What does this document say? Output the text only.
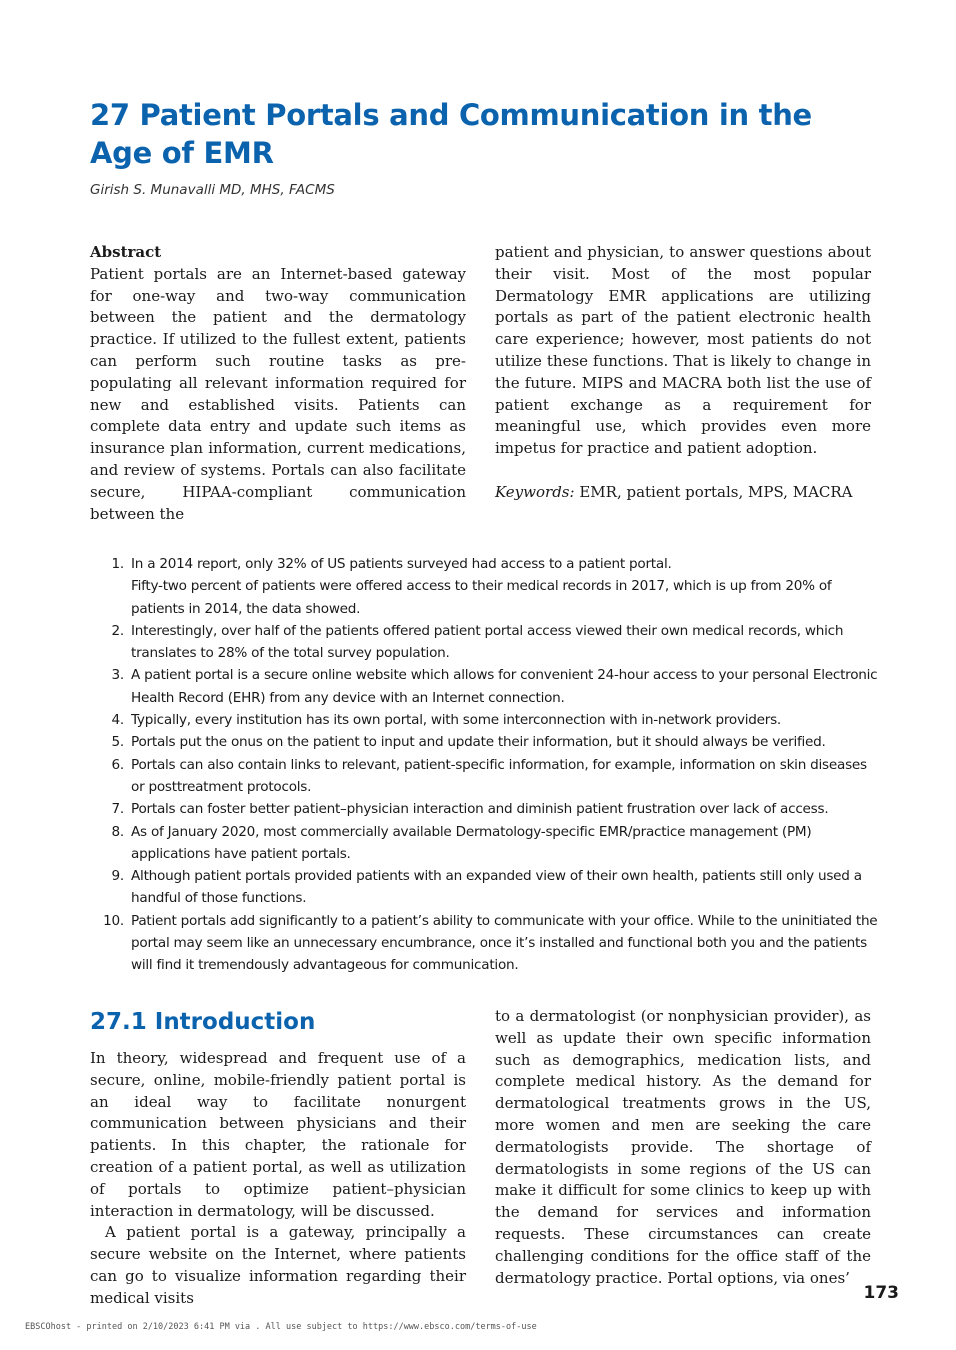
27 Patient Portals and Communication in the Age of EMR

Girish S. Munavalli MD, MHS, FACMS

Abstract

Patient portals are an Internet-based gateway for one-way and two-way communication between the patient and the dermatology practice. If utilized to the fullest extent, patients can perform such routine tasks as pre-populating all relevant information required for new and established visits. Patients can complete data entry and update such items as insurance plan information, current medications, and review of systems. Portals can also facilitate secure, HIPAA-compliant communication between the

patient and physician, to answer questions about their visit. Most of the most popular Dermatology EMR applications are utilizing portals as part of the patient electronic health care experience; however, most patients do not utilize these functions. That is likely to change in the future. MIPS and MACRA both list the use of patient exchange as a requirement for meaningful use, which provides even more impetus for practice and patient adoption.

Keywords: EMR, patient portals, MPS, MACRA

1. In a 2014 report, only 32% of US patients surveyed had access to a patient portal.
Fifty-two percent of patients were offered access to their medical records in 2017, which is up from 20% of patients in 2014, the data showed.
2. Interestingly, over half of the patients offered patient portal access viewed their own medical records, which translates to 28% of the total survey population.
3. A patient portal is a secure online website which allows for convenient 24-hour access to your personal Electronic Health Record (EHR) from any device with an Internet connection.
4. Typically, every institution has its own portal, with some interconnection with in-network providers.
5. Portals put the onus on the patient to input and update their information, but it should always be verified.
6. Portals can also contain links to relevant, patient-specific information, for example, information on skin diseases or posttreatment protocols.
7. Portals can foster better patient–physician interaction and diminish patient frustration over lack of access.
8. As of January 2020, most commercially available Dermatology-specific EMR/practice management (PM) applications have patient portals.
9. Although patient portals provided patients with an expanded view of their own health, patients still only used a handful of those functions.
10. Patient portals add significantly to a patient’s ability to communicate with your office. While to the uninitiated the portal may seem like an unnecessary encumbrance, once it’s installed and functional both you and the patients will find it tremendously advantageous for communication.
27.1 Introduction

In theory, widespread and frequent use of a secure, online, mobile-friendly patient portal is an ideal way to facilitate nonurgent communication between physicians and their patients. In this chapter, the rationale for creation of a patient portal, as well as utilization of portals to optimize patient–physician interaction in dermatology, will be discussed.

A patient portal is a gateway, principally a secure website on the Internet, where patients can go to visualize information regarding their medical visits

to a dermatologist (or nonphysician provider), as well as update their own specific information such as demographics, medication lists, and complete medical history. As the demand for dermatological treatments grows in the US, more women and men are seeking the care dermatologists provide. The shortage of dermatologists in some regions of the US can make it difficult for some clinics to keep up with the demand for services and information requests. These circumstances can create challenging conditions for the office staff of the dermatology practice. Portal options, via ones’

173
EBSCOhost - printed on 2/10/2023 6:41 PM via . All use subject to https://www.ebsco.com/terms-of-use
